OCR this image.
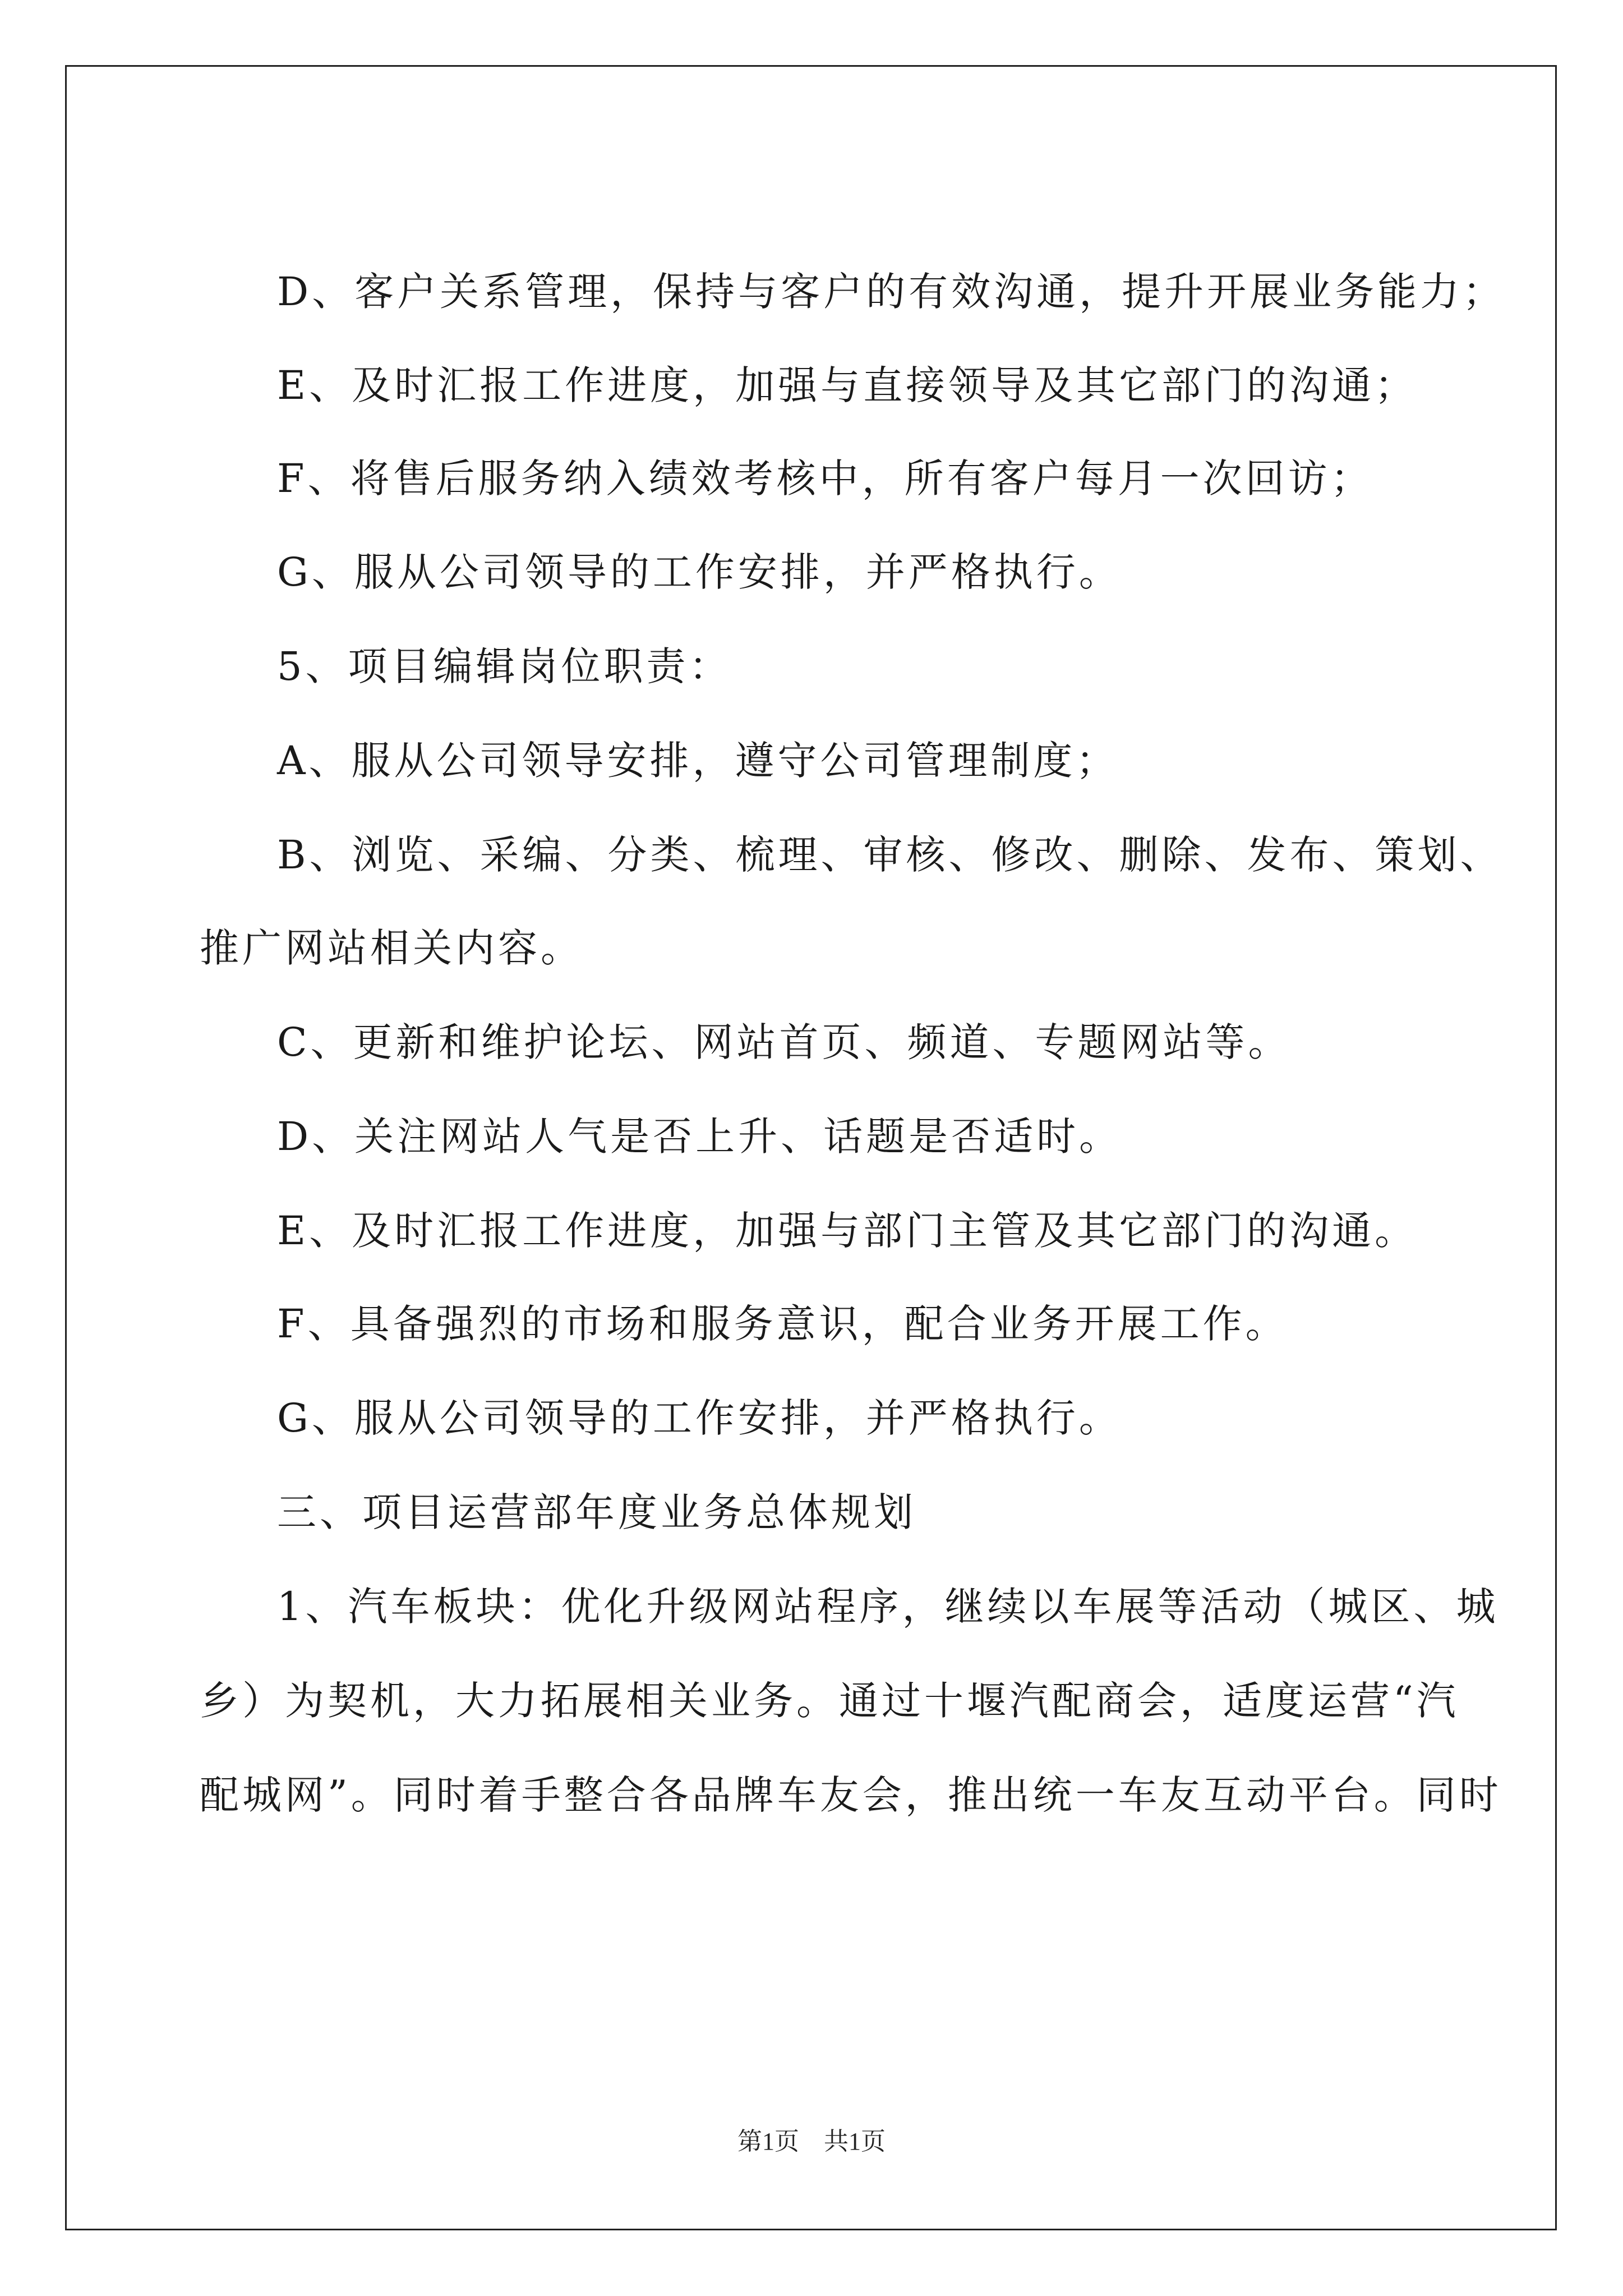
D、客户关系管理，保持与客户的有效沟通，提升开展业务能力；

E、及时汇报工作进度，加强与直接领导及其它部门的沟通；

F、将售后服务纳入绩效考核中，所有客户每月一次回访；

G、服从公司领导的工作安排，并严格执行。

5、项目编辑岗位职责：

A、服从公司领导安排，遵守公司管理制度；

B、浏览、采编、分类、梳理、审核、修改、删除、发布、策划、

推广网站相关内容。

C、更新和维护论坛、网站首页、频道、专题网站等。

D、关注网站人气是否上升、话题是否适时。

E、及时汇报工作进度，加强与部门主管及其它部门的沟通。

F、具备强烈的市场和服务意识，配合业务开展工作。

G、服从公司领导的工作安排，并严格执行。

三、项目运营部年度业务总体规划

1、汽车板块：优化升级网站程序，继续以车展等活动（城区、城

乡）为契机，大力拓展相关业务。通过十堰汽配商会，适度运营“汽

配城网”。同时着手整合各品牌车友会，推出统一车友互动平台。同时

第1页    共1页
